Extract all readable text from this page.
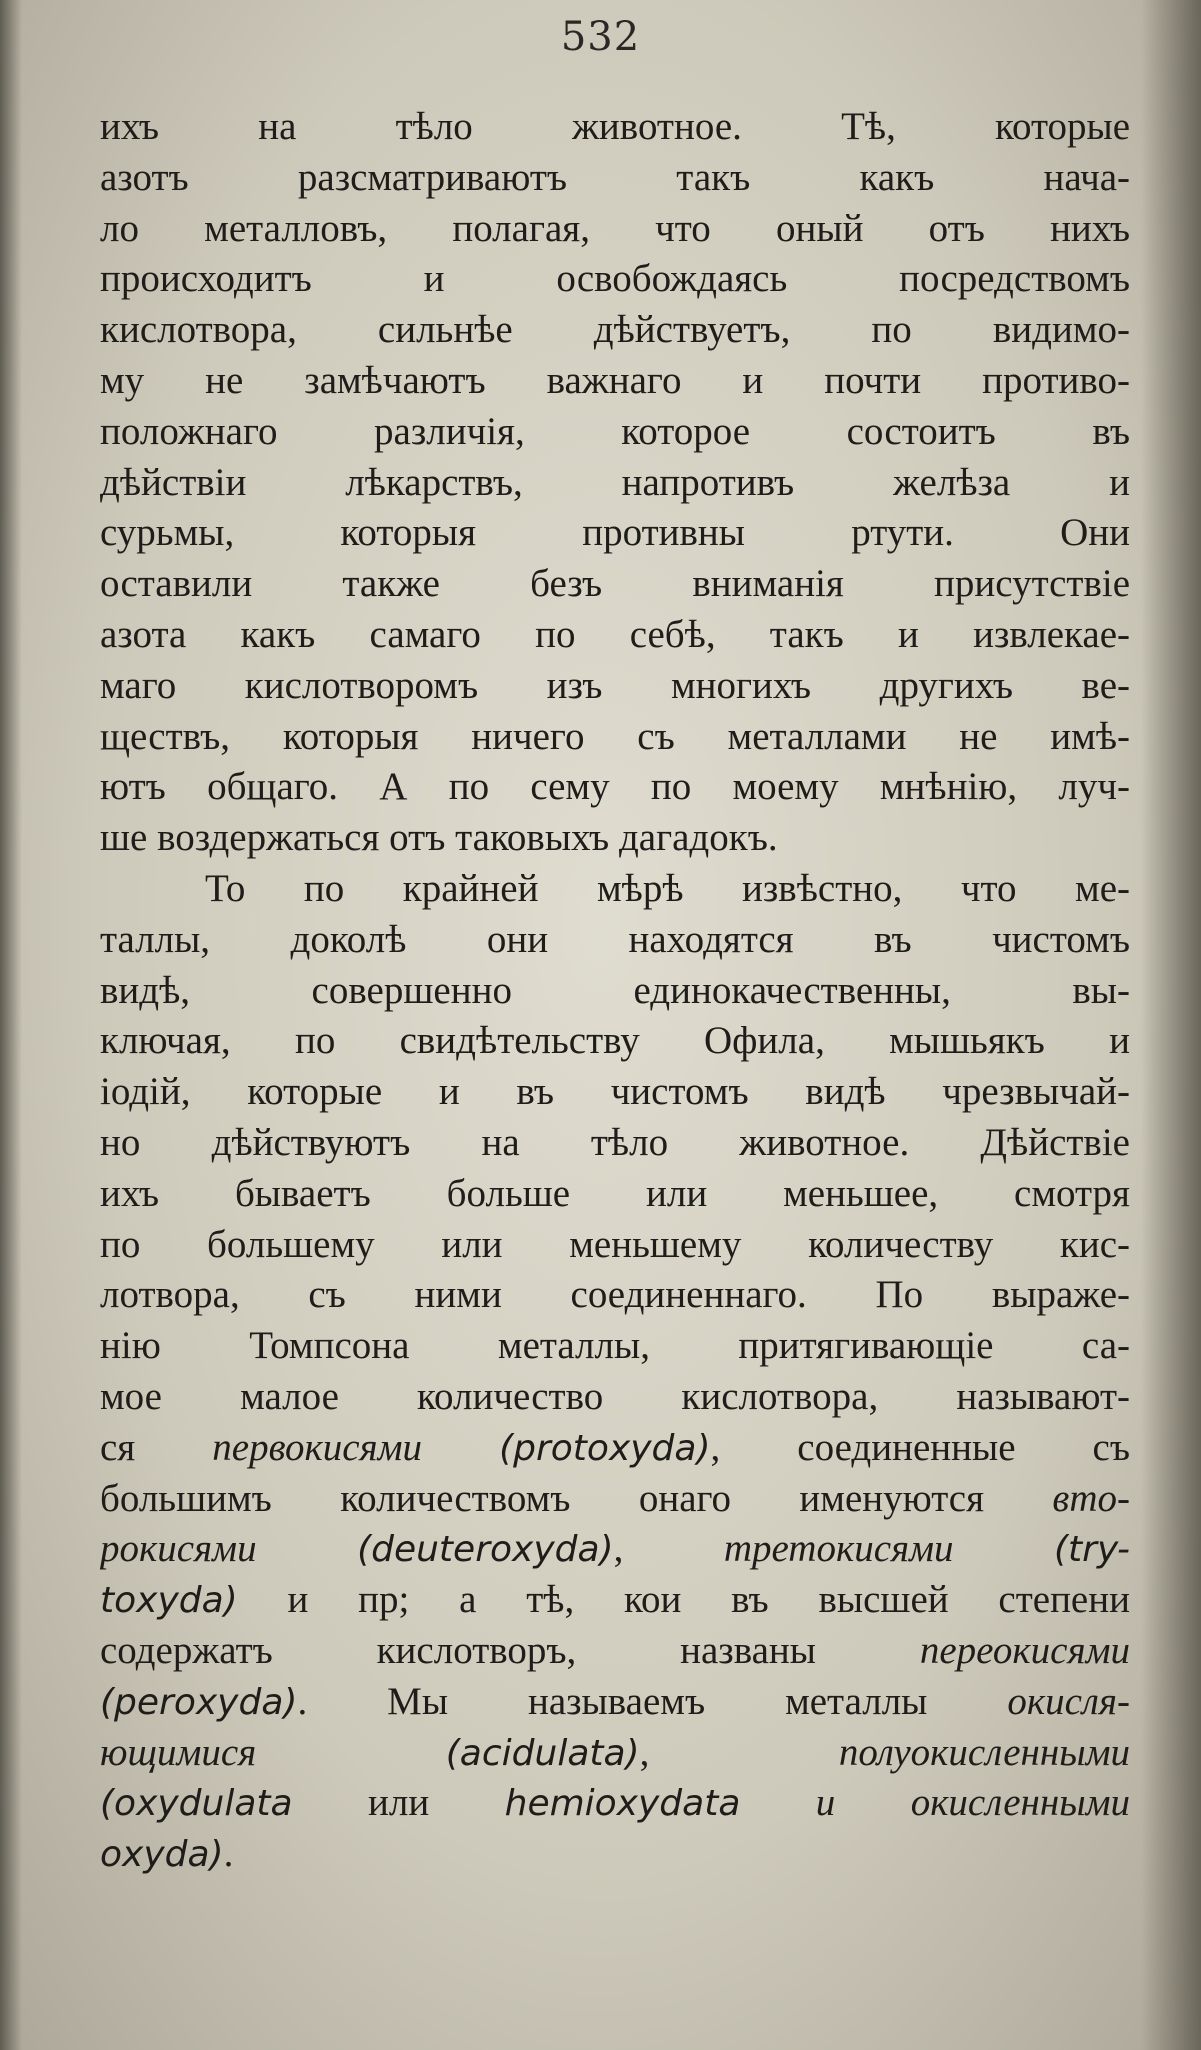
532
ихъ на тѣло животное. Тѣ, которые
азотъ разсматриваютъ такъ какъ нача-
ло металловъ, полагая, что оный отъ нихъ
происходитъ и освобождаясь посредствомъ
кислотвора, сильнѣе дѣйствуетъ, по видимо-
му не замѣчаютъ важнаго и почти противо-
положнаго различія, которое состоитъ въ
дѣйствіи лѣкарствъ, напротивъ желѣза и
сурьмы, которыя противны ртути. Они
оставили также безъ вниманія присутствіе
азота какъ самаго по себѣ, такъ и извлекае-
маго кислотворомъ изъ многихъ другихъ ве-
ществъ, которыя ничего съ металлами не имѣ-
ютъ общаго. А по сему по моему мнѣнію, луч-
ше воздержаться отъ таковыхъ дагадокъ.
То по крайней мѣрѣ извѣстно, что ме-
таллы, доколѣ они находятся въ чистомъ
видѣ, совершенно единокачественны, вы-
ключая, по свидѣтельству Офила, мышьякъ и
іодій, которые и въ чистомъ видѣ чрезвычай-
но дѣйствуютъ на тѣло животное. Дѣйствіе
ихъ бываетъ больше или меньшее, смотря
по большему или меньшему количеству кис-
лотвора, съ ними соединеннаго. По выраже-
нію Томпсона металлы, притягивающіе са-
мое малое количество кислотвора, называют-
ся первокисями (protoxyda), соединенные съ
большимъ количествомъ онаго именуются вто-
рокисями	(deuteroxyda),	третокисями	(try-
toxyda) и пр; а тѣ, кои въ высшей степени
содержатъ кислотворъ, названы	переокисями
(peroxyda). Мы называемъ металлы окисля-
ющимися	(acidulata),	полуокисленными
(oxydulata или hemioxydata и окисленными
oxyda).
